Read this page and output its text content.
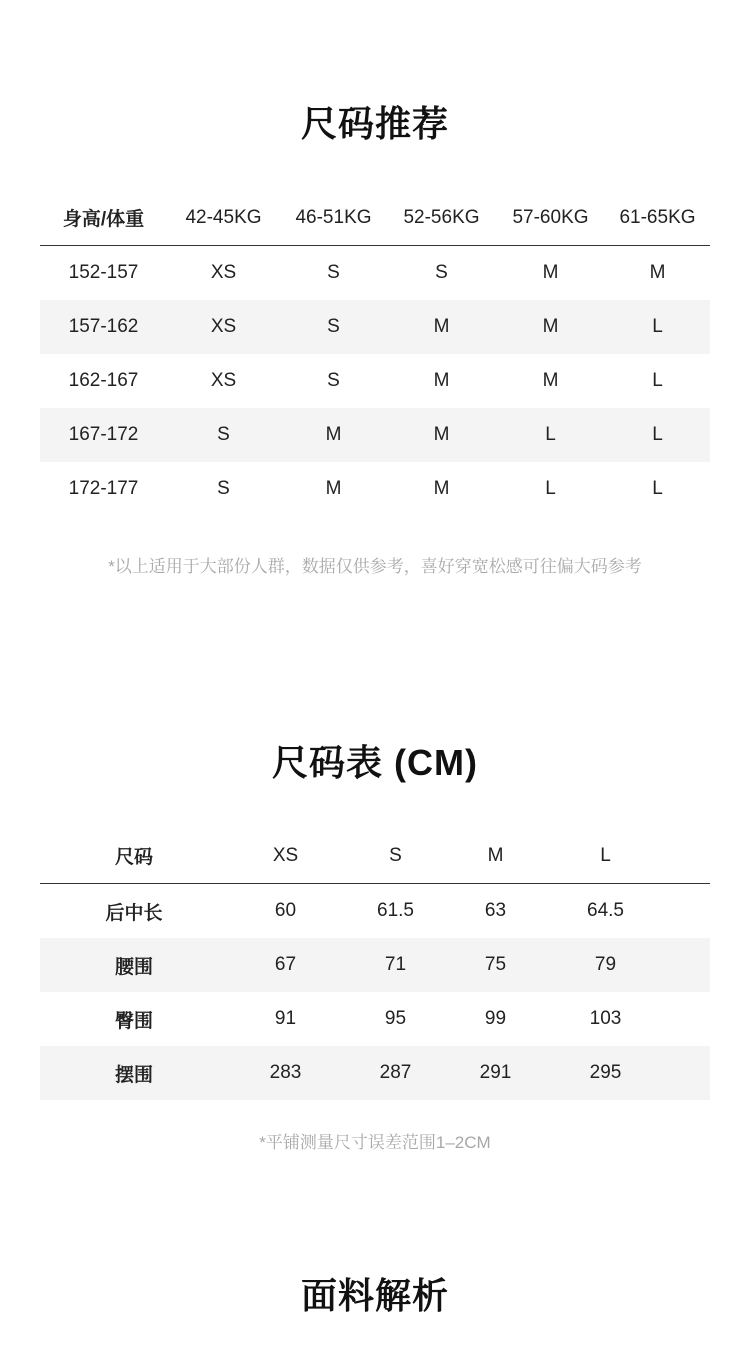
尺码推荐
身高/体重	42-45KG	46-51KG	52-56KG	57-60KG	61-65KG
152-157	XS	S	S	M	M
157-162	XS	S	M	M	L
162-167	XS	S	M	M	L
167-172	S	M	M	L	L
172-177	S	M	M	L	L

*以上适用于大部份人群，数据仅供参考，喜好穿宽松感可往偏大码参考

尺码表 (CM)
尺码	XS	S	M	L	
后中长	60	61.5	63	64.5	
腰围	67	71	75	79	
臀围	91	95	99	103	
摆围	283	287	291	295	

*平铺测量尺寸误差范围1–2CM

面料解析
